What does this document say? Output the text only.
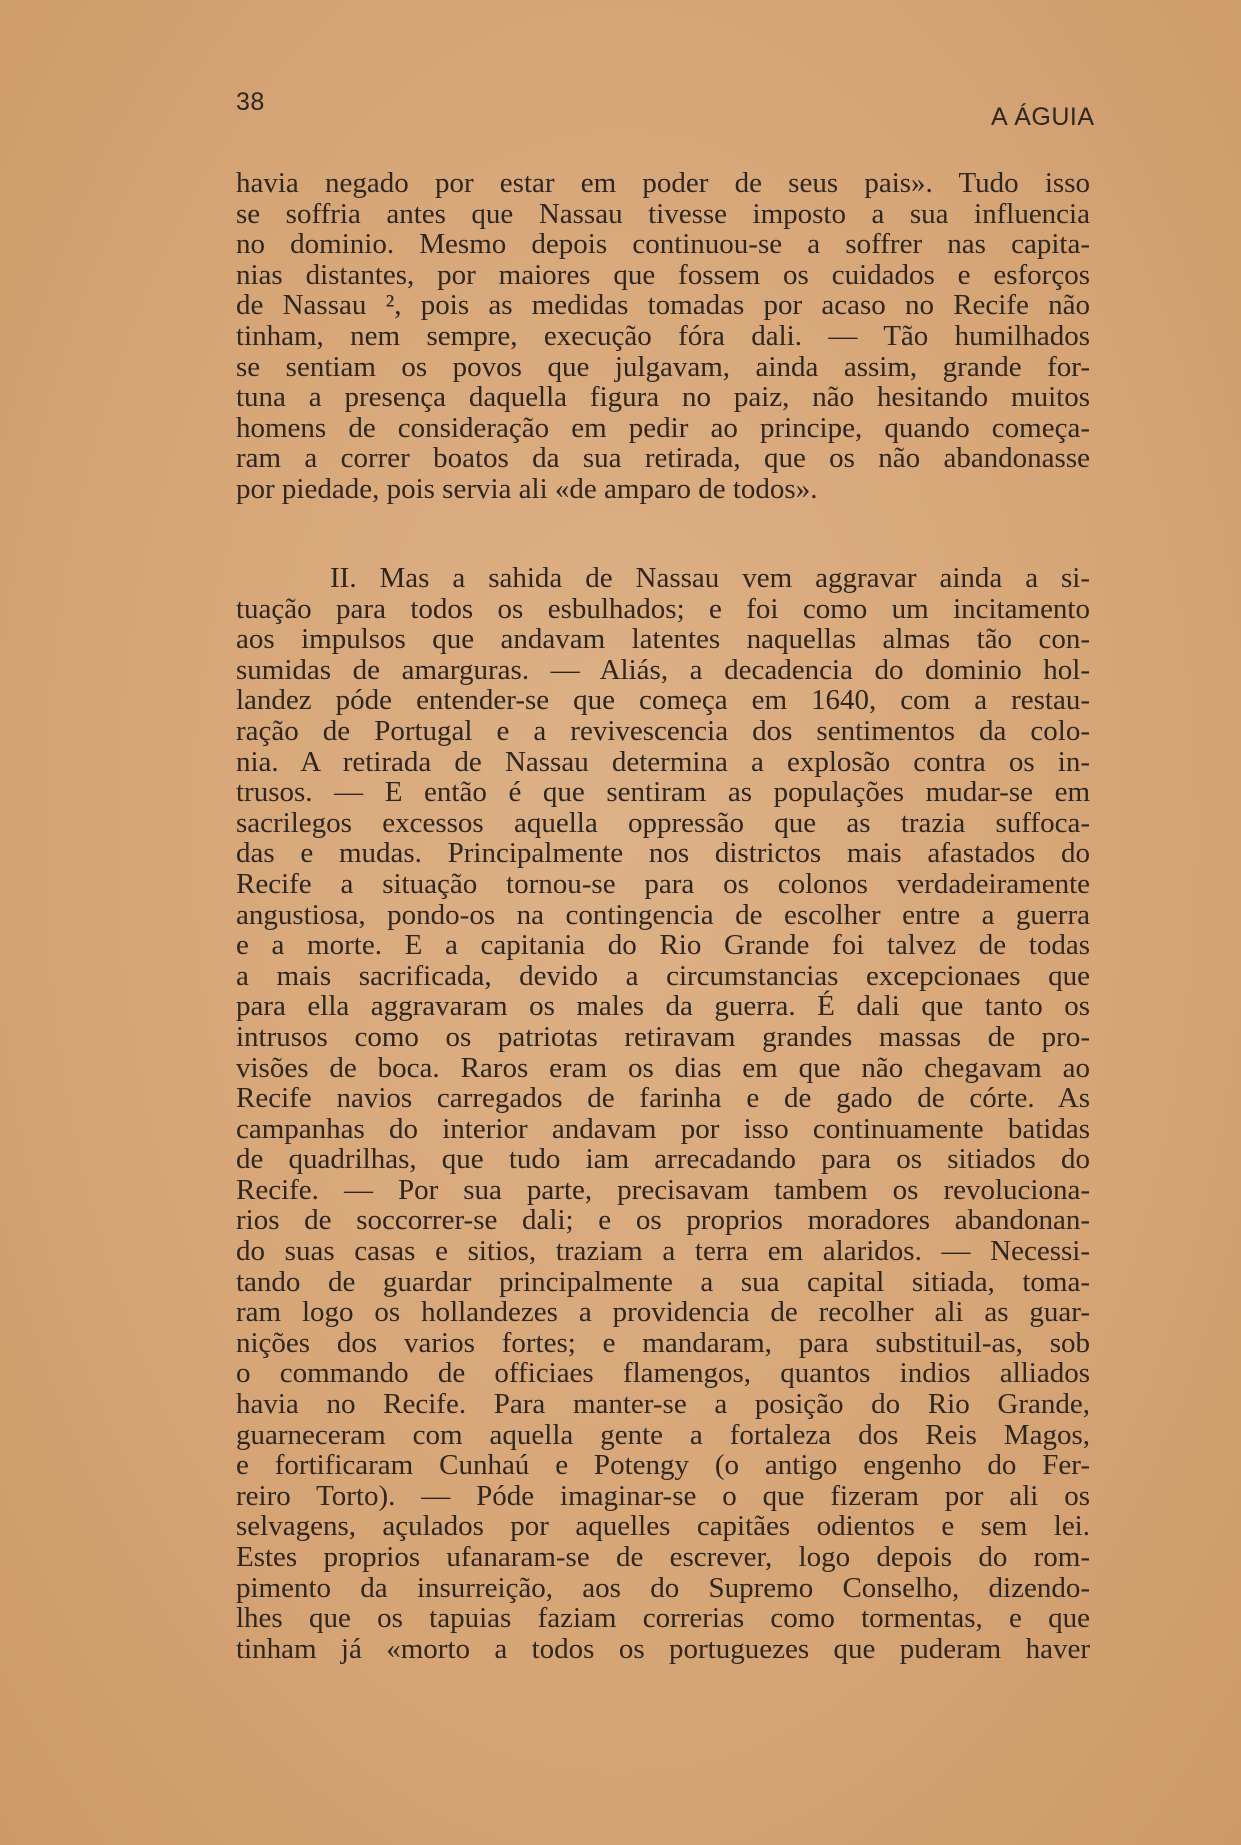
38
A ÁGUIA
havia negado por estar em poder de seus pais». Tudo isso
se soffria antes que Nassau tivesse imposto a sua influencia
no dominio. Mesmo depois continuou-se a soffrer nas capita-
nias distantes, por maiores que fossem os cuidados e esforços
de Nassau ², pois as medidas tomadas por acaso no Recife não
tinham, nem sempre, execução fóra dali. — Tão humilhados
se sentiam os povos que julgavam, ainda assim, grande for-
tuna a presença daquella figura no paiz, não hesitando muitos
homens de consideração em pedir ao principe, quando começa-
ram a correr boatos da sua retirada, que os não abandonasse
por piedade, pois servia ali «de amparo de todos».
II. Mas a sahida de Nassau vem aggravar ainda a si-
tuação para todos os esbulhados; e foi como um incitamento
aos impulsos que andavam latentes naquellas almas tão con-
sumidas de amarguras. — Aliás, a decadencia do dominio hol-
landez póde entender-se que começa em 1640, com a restau-
ração de Portugal e a revivescencia dos sentimentos da colo-
nia. A retirada de Nassau determina a explosão contra os in-
trusos. — E então é que sentiram as populações mudar-se em
sacrilegos excessos aquella oppressão que as trazia suffoca-
das e mudas. Principalmente nos districtos mais afastados do
Recife a situação tornou-se para os colonos verdadeiramente
angustiosa, pondo-os na contingencia de escolher entre a guerra
e a morte. E a capitania do Rio Grande foi talvez de todas
a mais sacrificada, devido a circumstancias excepcionaes que
para ella aggravaram os males da guerra. É dali que tanto os
intrusos como os patriotas retiravam grandes massas de pro-
visões de boca. Raros eram os dias em que não chegavam ao
Recife navios carregados de farinha e de gado de córte. As
campanhas do interior andavam por isso continuamente batidas
de quadrilhas, que tudo iam arrecadando para os sitiados do
Recife. — Por sua parte, precisavam tambem os revoluciona-
rios de soccorrer-se dali; e os proprios moradores abandonan-
do suas casas e sitios, traziam a terra em alaridos. — Necessi-
tando de guardar principalmente a sua capital sitiada, toma-
ram logo os hollandezes a providencia de recolher ali as guar-
nições dos varios fortes; e mandaram, para substituil-as, sob
o commando de officiaes flamengos, quantos indios alliados
havia no Recife. Para manter-se a posição do Rio Grande,
guarneceram com aquella gente a fortaleza dos Reis Magos,
e fortificaram Cunhaú e Potengy (o antigo engenho do Fer-
reiro Torto). — Póde imaginar-se o que fizeram por ali os
selvagens, açulados por aquelles capitães odientos e sem lei.
Estes proprios ufanaram-se de escrever, logo depois do rom-
pimento da insurreição, aos do Supremo Conselho, dizendo-
lhes que os tapuias faziam correrias como tormentas, e que
tinham já «morto a todos os portuguezes que puderam haver
